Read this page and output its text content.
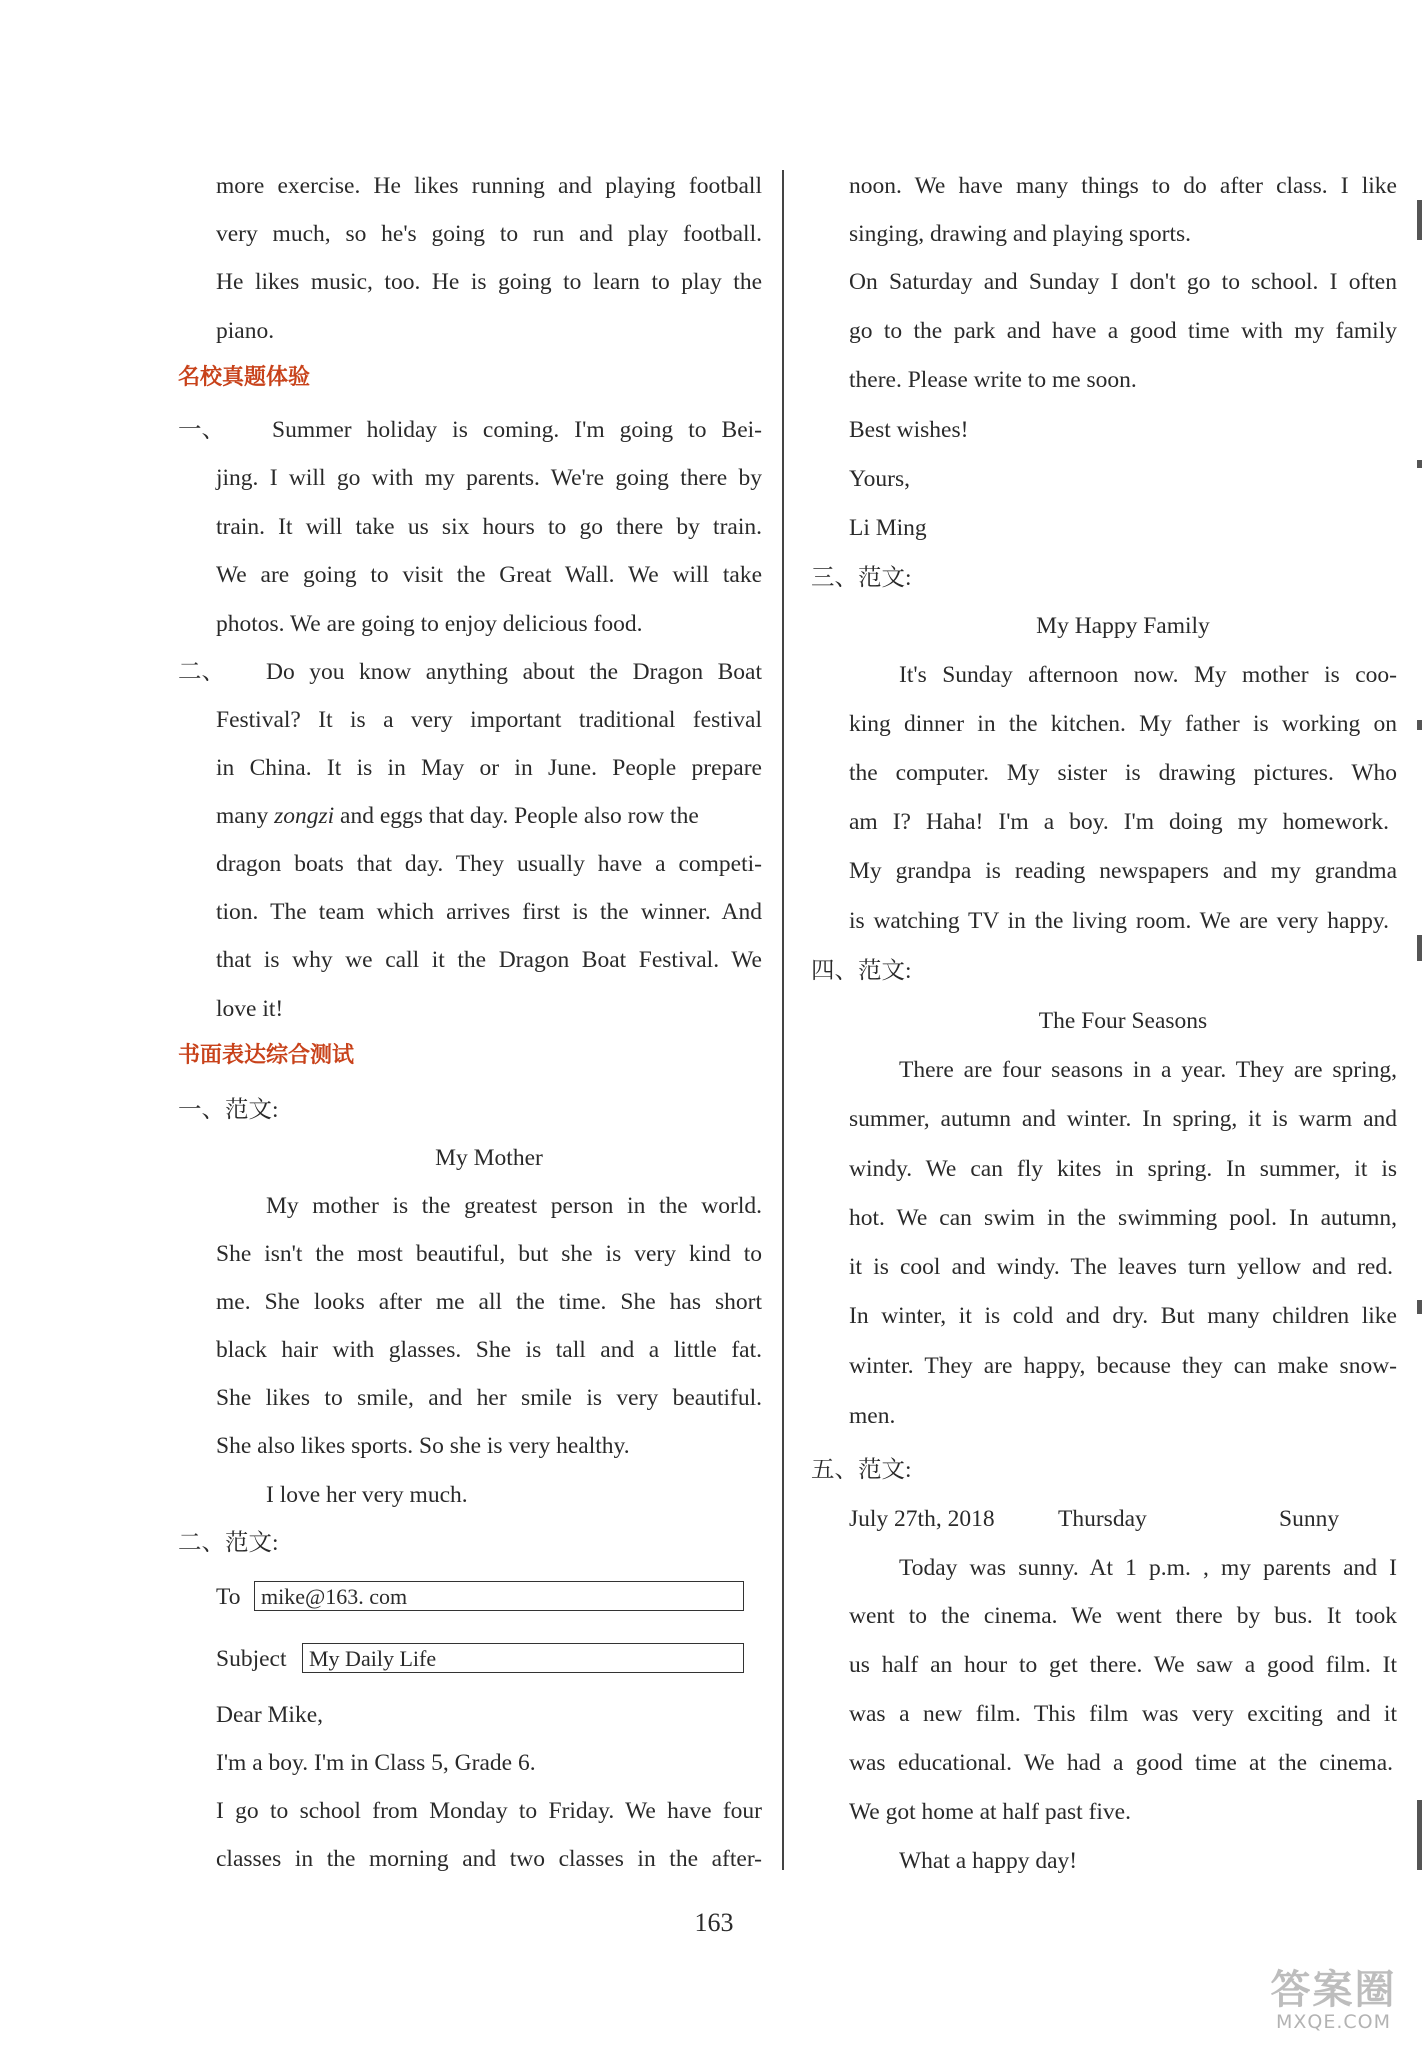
more exercise. He likes running and playing football
very much, so he's going to run and play football.
He likes music, too. He is going to learn to play the
piano.
名校真题体验
一、 Summer holiday is coming. I'm going to Bei-
jing. I will go with my parents. We're going there by
train. It will take us six hours to go there by train.
We are going to visit the Great Wall. We will take
photos. We are going to enjoy delicious food.
二、 Do you know anything about the Dragon Boat
Festival? It is a very important traditional festival
in China. It is in May or in June. People prepare
many zongzi and eggs that day. People also row the
dragon boats that day. They usually have a competi-
tion. The team which arrives first is the winner. And
that is why we call it the Dragon Boat Festival. We
love it!
书面表达综合测试
一、范文:
My Mother
My mother is the greatest person in the world.
She isn't the most beautiful, but she is very kind to
me. She looks after me all the time. She has short
black hair with glasses. She is tall and a little fat.
She likes to smile, and her smile is very beautiful.
She also likes sports. So she is very healthy.
I love her very much.
二、范文:
To mike@163. com
Subject	My Daily Life
Dear Mike,
I'm a boy. I'm in Class 5, Grade 6.
I go to school from Monday to Friday. We have four
classes in the morning and two classes in the after-
noon. We have many things to do after class. I like
singing, drawing and playing sports.
On Saturday and Sunday I don't go to school. I often
go to the park and have a good time with my family
there. Please write to me soon.
Best wishes!
Yours,
Li Ming
三、范文:
My Happy Family
It's Sunday afternoon now. My mother is coo-
king dinner in the kitchen. My father is working on
the computer. My sister is drawing pictures. Who
am I? Haha! I'm a boy. I'm doing my homework.
My grandpa is reading newspapers and my grandma
is watching TV in the living room. We are very happy.
四、范文:
The Four Seasons
There are four seasons in a year. They are spring,
summer, autumn and winter. In spring, it is warm and
windy. We can fly kites in spring. In summer, it is
hot. We can swim in the swimming pool. In autumn,
it is cool and windy. The leaves turn yellow and red.
In winter, it is cold and dry. But many children like
winter. They are happy, because they can make snow-
men.
五、范文:
July 27th, 2018	Thursday	Sunny
Today was sunny. At 1 p.m. , my parents and I
went to the cinema. We went there by bus. It took
us half an hour to get there. We saw a good film. It
was a new film. This film was very exciting and it
was educational. We had a good time at the cinema.
We got home at half past five.
What a happy day!
163
答案圈
MXQE.COM
